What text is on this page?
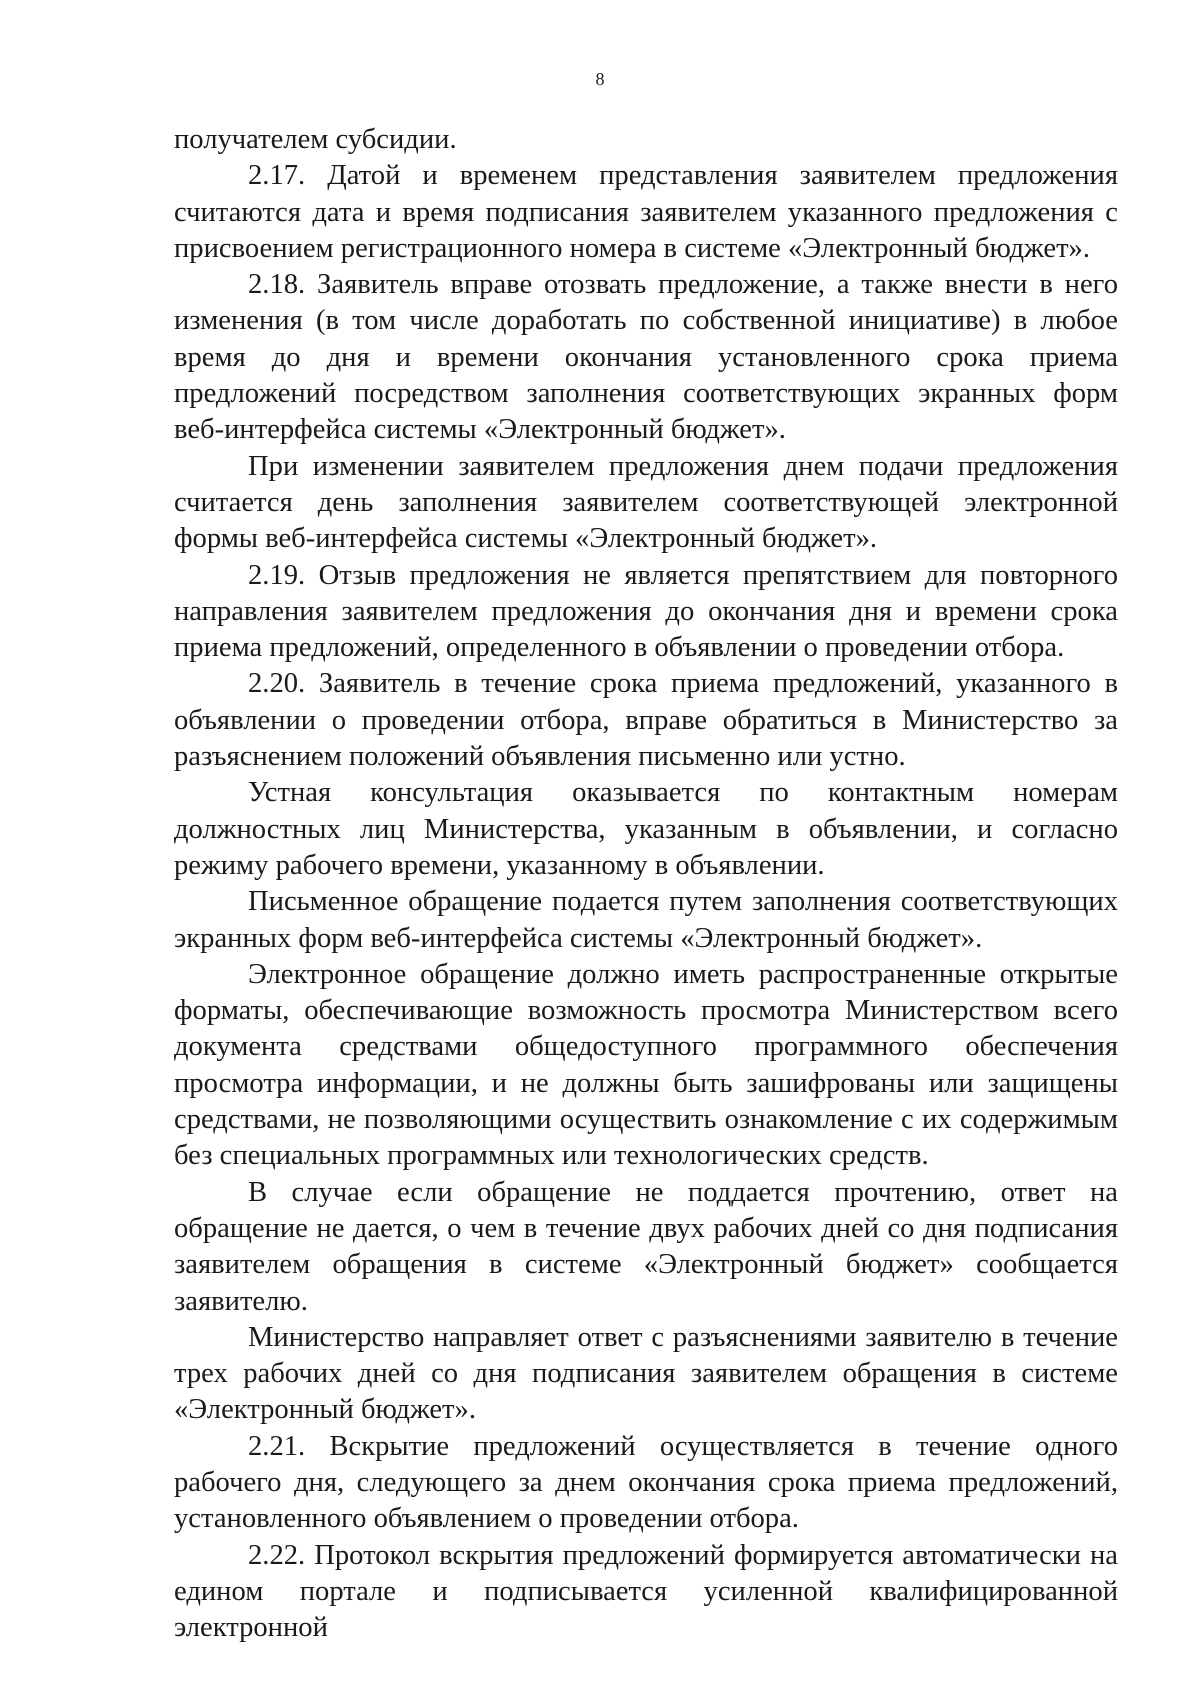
8

получателем субсидии.

2.17. Датой и временем представления заявителем предложения считаются дата и время подписания заявителем указанного предложения с присвоением регистрационного номера в системе «Электронный бюджет».

2.18. Заявитель вправе отозвать предложение, а также внести в него изменения (в том числе доработать по собственной инициативе) в любое время до дня и времени окончания установленного срока приема предложений посредством заполнения соответствующих экранных форм веб-интерфейса системы «Электронный бюджет».

При изменении заявителем предложения днем подачи предложения считается день заполнения заявителем соответствующей электронной формы веб-интерфейса системы «Электронный бюджет».

2.19. Отзыв предложения не является препятствием для повторного направления заявителем предложения до окончания дня и времени срока приема предложений, определенного в объявлении о проведении отбора.

2.20. Заявитель в течение срока приема предложений, указанного в объявлении о проведении отбора, вправе обратиться в Министерство за разъяснением положений объявления письменно или устно.

Устная консультация оказывается по контактным номерам должностных лиц Министерства, указанным в объявлении, и согласно режиму рабочего времени, указанному в объявлении.

Письменное обращение подается путем заполнения соответствующих экранных форм веб-интерфейса системы «Электронный бюджет».

Электронное обращение должно иметь распространенные открытые форматы, обеспечивающие возможность просмотра Министерством всего документа средствами общедоступного программного обеспечения просмотра информации, и не должны быть зашифрованы или защищены средствами, не позволяющими осуществить ознакомление с их содержимым без специальных программных или технологических средств.

В случае если обращение не поддается прочтению, ответ на обращение не дается, о чем в течение двух рабочих дней со дня подписания заявителем обращения в системе «Электронный бюджет» сообщается заявителю.

Министерство направляет ответ с разъяснениями заявителю в течение трех рабочих дней со дня подписания заявителем обращения в системе «Электронный бюджет».

2.21. Вскрытие предложений осуществляется в течение одного рабочего дня, следующего за днем окончания срока приема предложений, установленного объявлением о проведении отбора.

2.22. Протокол вскрытия предложений формируется автоматически на едином портале и подписывается усиленной квалифицированной электронной
